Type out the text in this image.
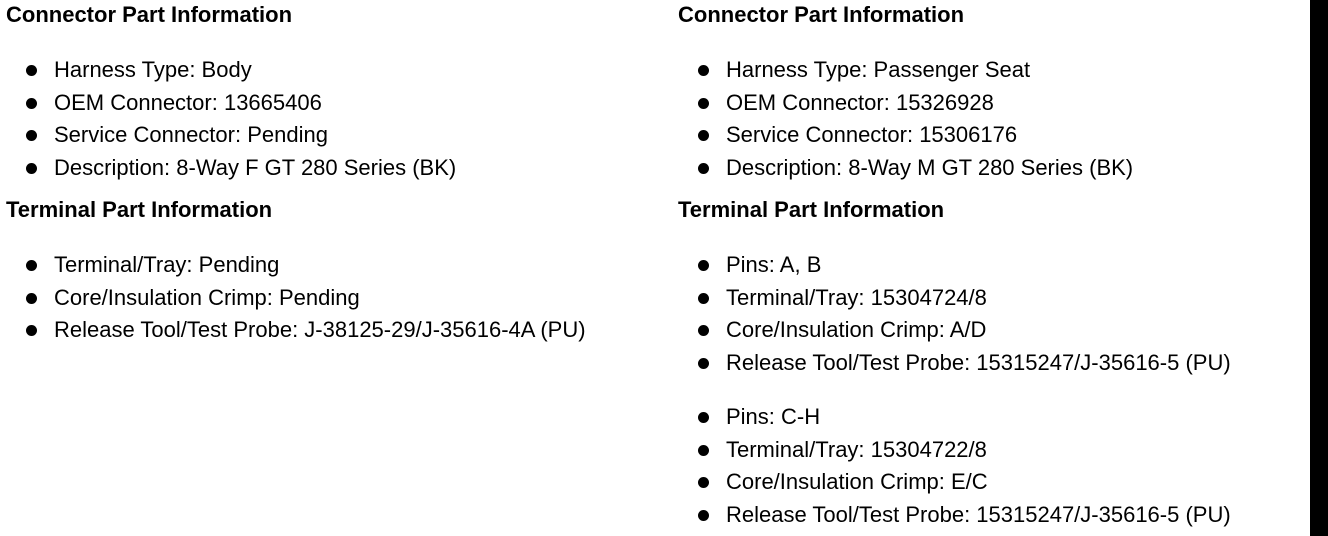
Connector Part Information
Harness Type: Body
OEM Connector: 13665406
Service Connector: Pending
Description: 8-Way F GT 280 Series (BK)
Terminal Part Information
Terminal/Tray: Pending
Core/Insulation Crimp: Pending
Release Tool/Test Probe: J-38125-29/J-35616-4A (PU)
Connector Part Information
Harness Type: Passenger Seat
OEM Connector: 15326928
Service Connector: 15306176
Description: 8-Way M GT 280 Series (BK)
Terminal Part Information
Pins: A, B
Terminal/Tray: 15304724/8
Core/Insulation Crimp: A/D
Release Tool/Test Probe: 15315247/J-35616-5 (PU)
Pins: C-H
Terminal/Tray: 15304722/8
Core/Insulation Crimp: E/C
Release Tool/Test Probe: 15315247/J-35616-5 (PU)
